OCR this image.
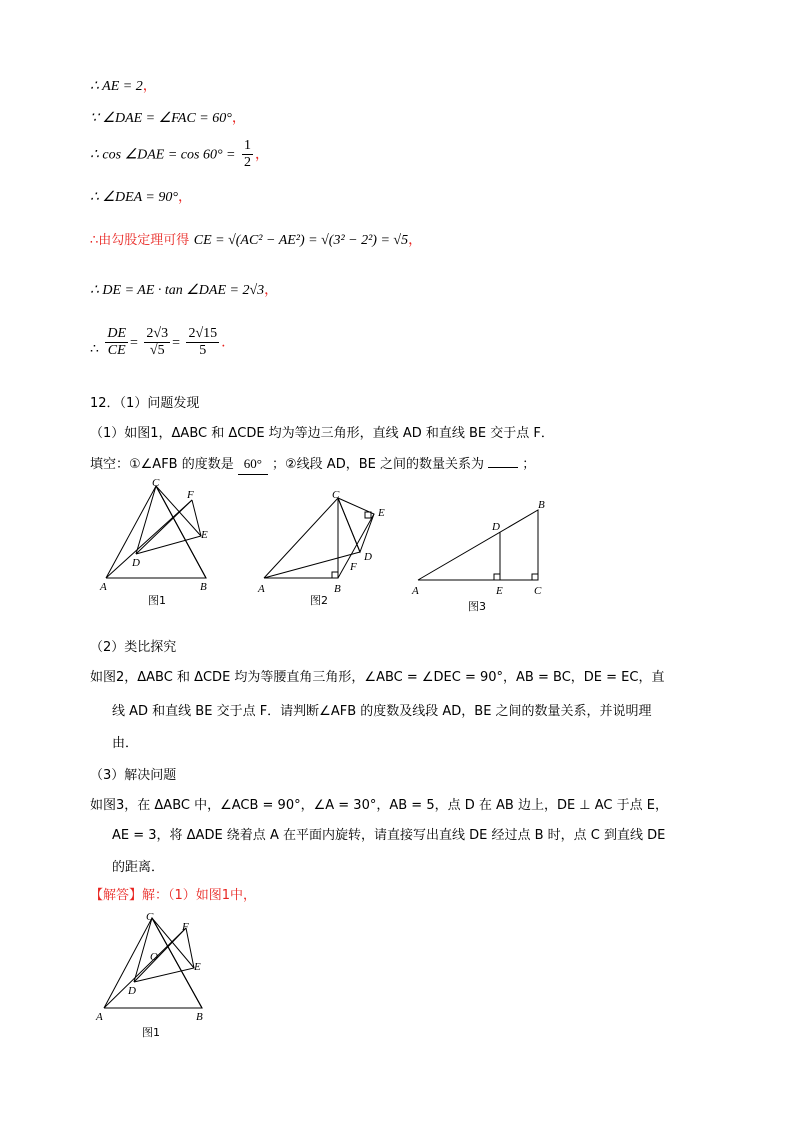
∴ AE = 2，
∵ ∠DAE = ∠FAC = 60°，
∴ cos ∠DAE = $\cos 60^\circ = \frac{1}{2}$ ，
∴ ∠DEA = 90°，
∴由勾股定理可得 CE = √(AC² − AE²) = √(3² − 2²) = √5，
∴ DE = AE · tan ∠DAE = 2√3，
∴ $\frac{DE}{CE} = \frac{2√3}{√5} = \frac{2√15}{5}$ .
12．（1）问题发现
（1）如图1，ΔABC 和 ΔCDE 均为等边三角形，直线 AD 和直线 BE 交于点 F．
填空：①∠AFB 的度数是 60° ；②线段 AD，BE 之间的数量关系为	；
C
F
E
D
A	B
图1
C
E
D
F
A	B
图2
B
D
A	E	C
图3
（2）类比探究
如图2，ΔABC 和 ΔCDE 均为等腰直角三角形，∠ABC = ∠DEC = 90°，AB = BC，DE = EC，直
线 AD 和直线 BE 交于点 F．请判断∠AFB 的度数及线段 AD，BE 之间的数量关系，并说明理
由．
（3）解决问题
如图3，在 ΔABC 中，∠ACB = 90°，∠A = 30°，AB = 5，点 D 在 AB 边上，DE ⊥ AC 于点 E，
AE = 3，将 ΔADE 绕着点 A 在平面内旋转，请直接写出直线 DE 经过点 B 时，点 C 到直线 DE
的距离．
【解答】解：（1）如图1中，
C
F
O
E
D
A	B
图1
